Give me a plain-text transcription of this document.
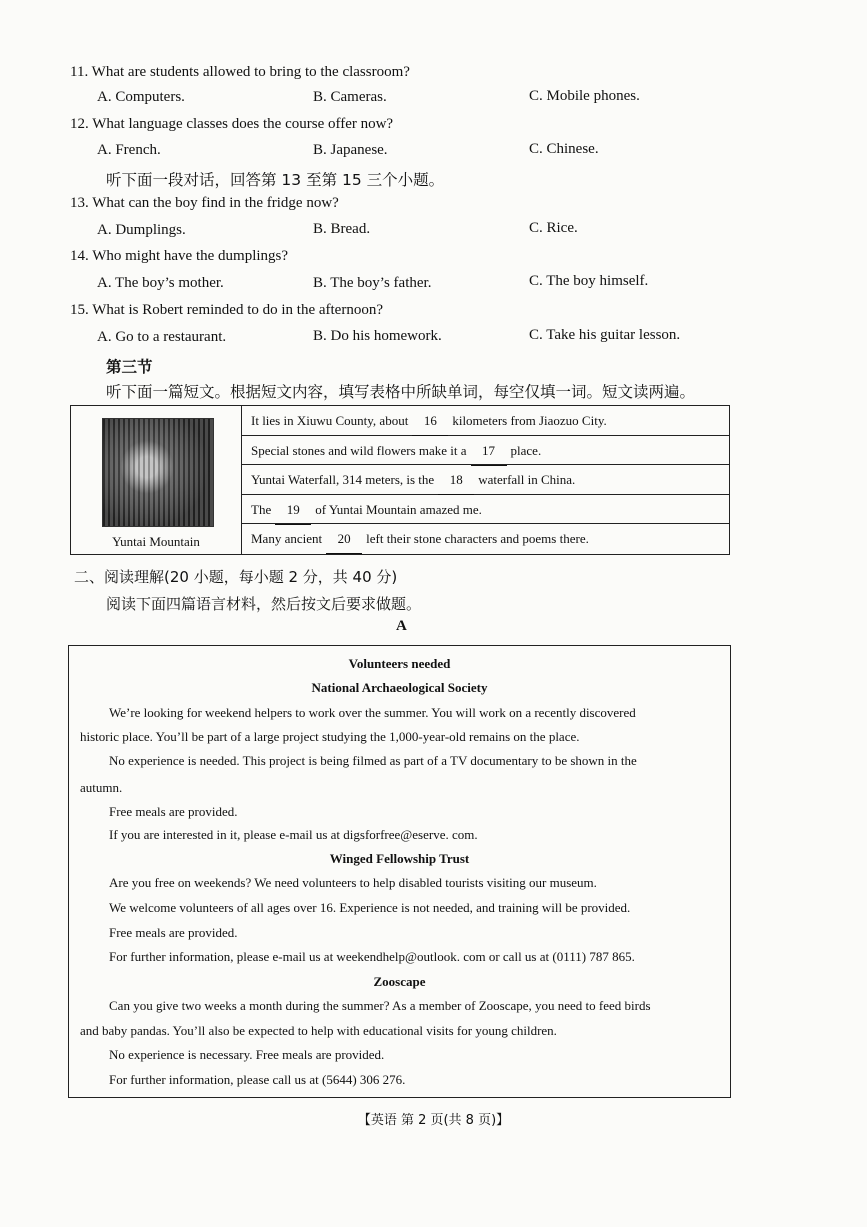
11. What are students allowed to bring to the classroom?
A. Computers.	B. Cameras.	C. Mobile phones.
12. What language classes does the course offer now?
A. French.	B. Japanese.	C. Chinese.
听下面一段对话，回答第 13 至第 15 三个小题。
13. What can the boy find in the fridge now?
A. Dumplings.	B. Bread.	C. Rice.
14. Who might have the dumplings?
A. The boy’s mother.	B. The boy’s father.	C. The boy himself.
15. What is Robert reminded to do in the afternoon?
A. Go to a restaurant.	B. Do his homework.	C. Take his guitar lesson.
第三节
听下面一篇短文。根据短文内容，填写表格中所缺单词，每空仅填一词。短文读两遍。
Yuntai Mountain
It lies in Xiuwu County, about 16 kilometers from Jiaozuo City.
Special stones and wild flowers make it a 17 place.
Yuntai Waterfall, 314 meters, is the 18 waterfall in China.
The 19 of Yuntai Mountain amazed me.
Many ancient 20 left their stone characters and poems there.
二、阅读理解(20 小题，每小题 2 分，共 40 分)
阅读下面四篇语言材料，然后按文后要求做题。
A
Volunteers needed
National Archaeological Society
We’re looking for weekend helpers to work over the summer. You will work on a recently discovered
historic place. You’ll be part of a large project studying the 1,000-year-old remains on the place.
No experience is needed. This project is being filmed as part of a TV documentary to be shown in the
autumn.
Free meals are provided.
If you are interested in it, please e-mail us at digsforfree@eserve. com.
Winged Fellowship Trust
Are you free on weekends? We need volunteers to help disabled tourists visiting our museum.
We welcome volunteers of all ages over 16. Experience is not needed, and training will be provided.
Free meals are provided.
For further information, please e-mail us at weekendhelp@outlook. com or call us at (0111) 787 865.
Zooscape
Can you give two weeks a month during the summer? As a member of Zooscape, you need to feed birds
and baby pandas. You’ll also be expected to help with educational visits for young children.
No experience is necessary. Free meals are provided.
For further information, please call us at (5644) 306 276.
【英语 第 2 页(共 8 页)】
